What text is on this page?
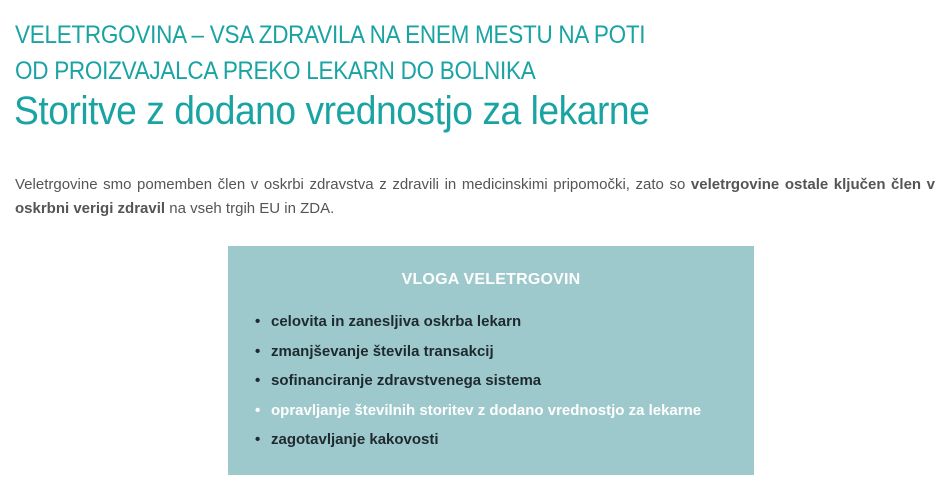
VELETRGOVINA – VSA ZDRAVILA NA ENEM MESTU NA POTI
OD PROIZVAJALCA PREKO LEKARN DO BOLNIKA
Storitve z dodano vrednostjo za lekarne

Veletrgovine smo pomemben člen v oskrbi zdravstva z zdravili in medicinskimi pripomočki, zato so veletrgovine ostale ključen člen v oskrbni verigi zdravil na vseh trgih EU in ZDA.

VLOGA VELETRGOVIN
• celovita in zanesljiva oskrba lekarn
• zmanjševanje števila transakcij
• sofinanciranje zdravstvenega sistema
• opravljanje številnih storitev z dodano vrednostjo za lekarne
• zagotavljanje kakovosti
